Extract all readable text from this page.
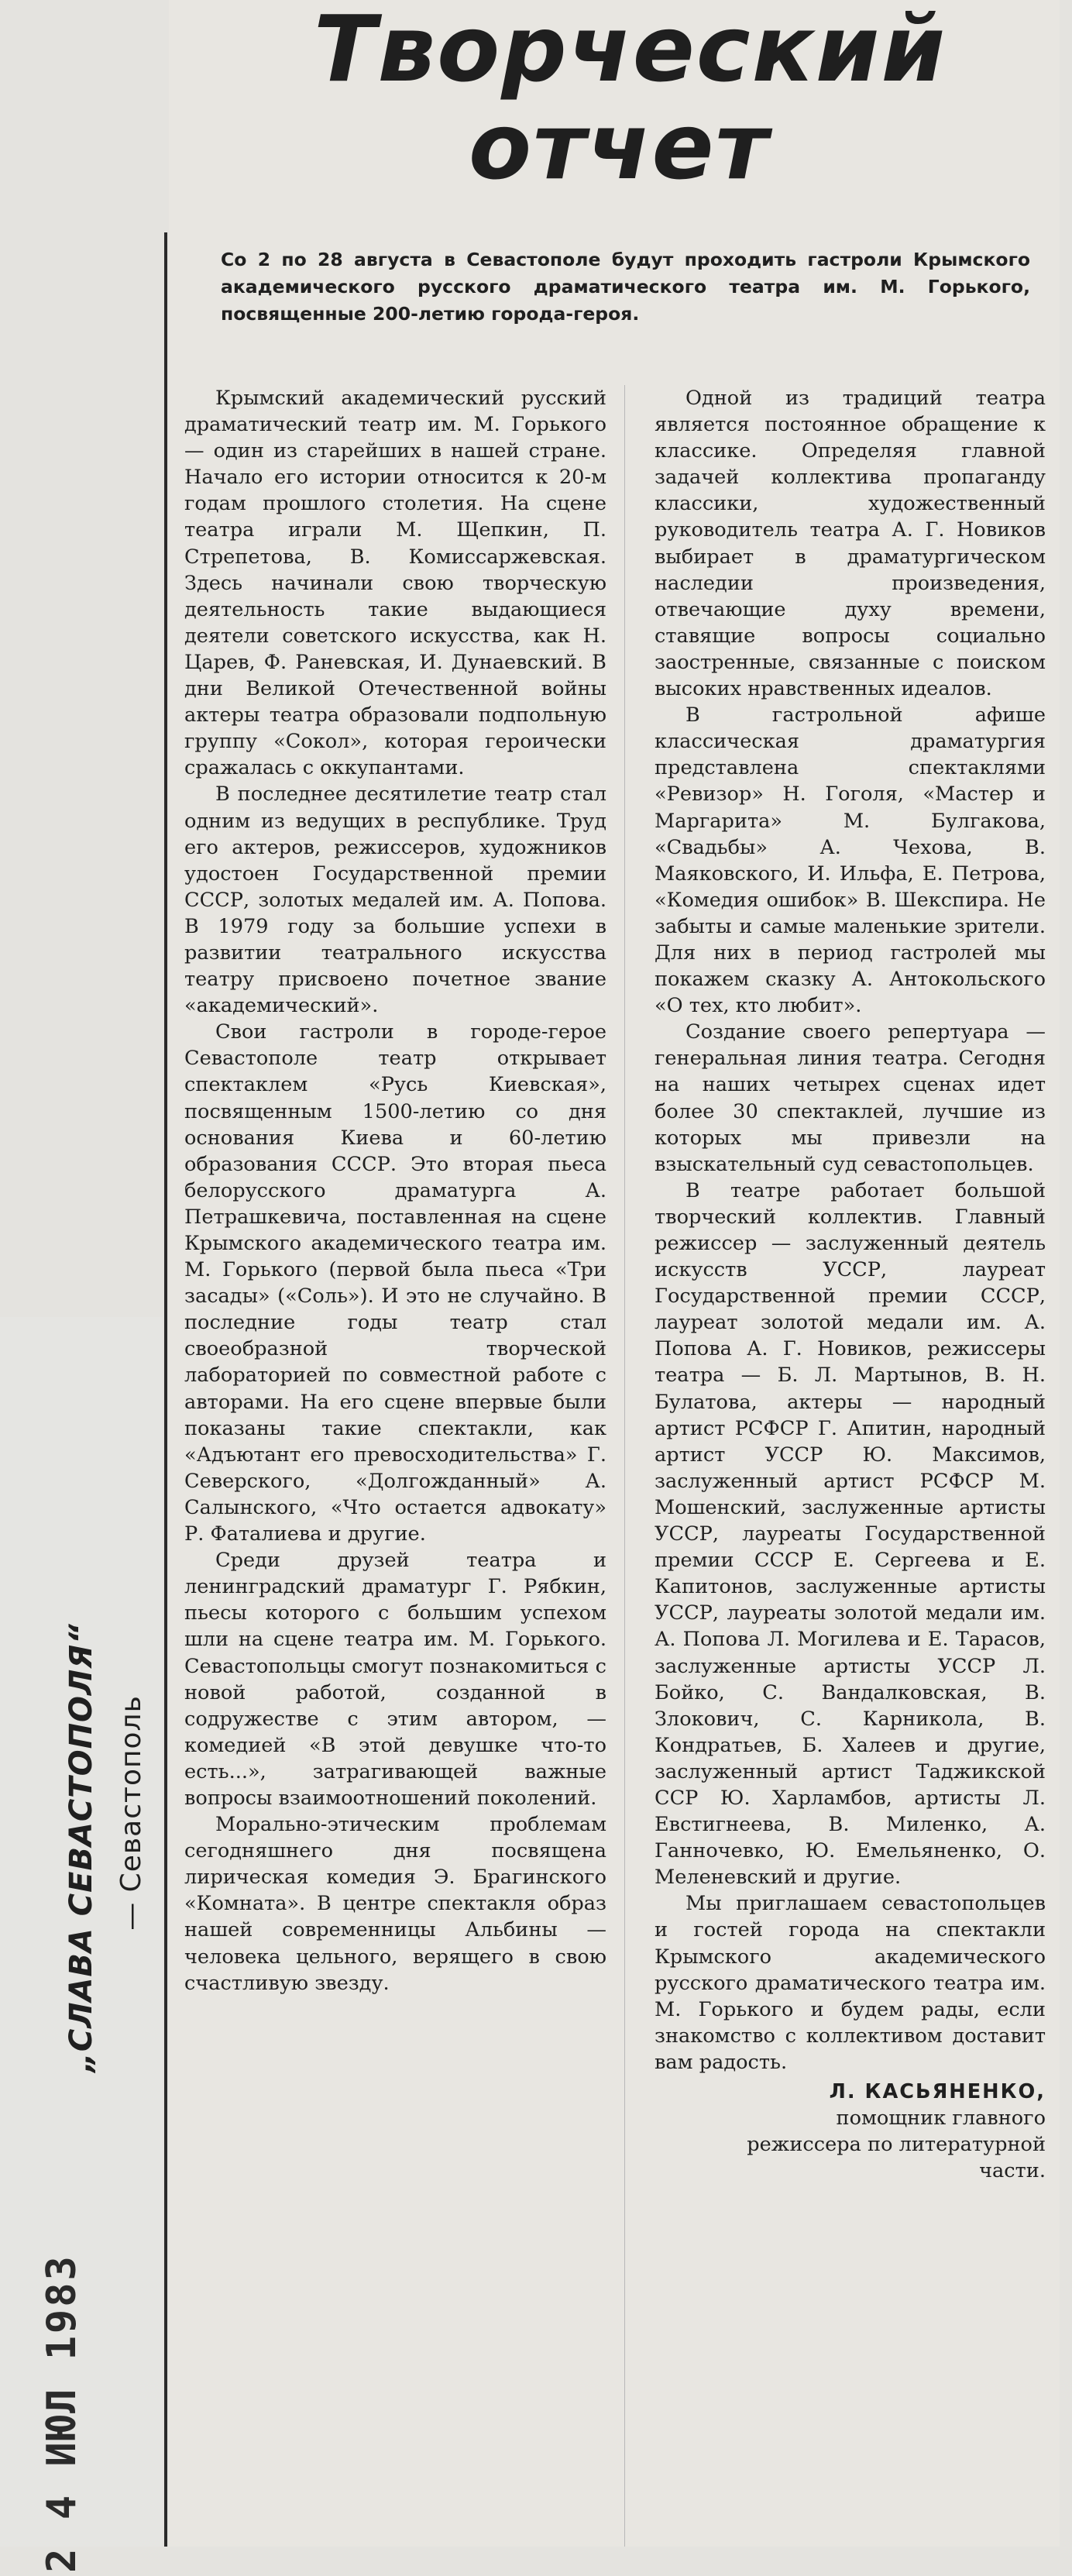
Творческий
отчет
Со 2 по 28 августа в Севастополе будут проходить гастроли Крымского академического русского драматического театра им. М. Горького, посвященные 200-летию города-героя.

Крымский академический русский драматический театр им. М. Горького — один из старейших в нашей стране. Начало его истории относится к 20-м годам прошлого столетия. На сцене театра играли М. Щепкин, П. Стрепетова, В. Комиссаржевская. Здесь начинали свою творческую деятельность такие выдающиеся деятели советского искусства, как Н. Царев, Ф. Раневская, И. Дунаевский. В дни Великой Отечественной войны актеры театра образовали подпольную группу «Сокол», которая героически сражалась с оккупантами.

В последнее десятилетие театр стал одним из ведущих в республике. Труд его актеров, режиссеров, художников удостоен Государственной премии СССР, золотых медалей им. А. Попова. В 1979 году за большие успехи в развитии театрального искусства театру присвоено почетное звание «академический».

Свои гастроли в городе-герое Севастополе театр открывает спектаклем «Русь Киевская», посвященным 1500-летию со дня основания Киева и 60-летию образования СССР. Это вторая пьеса белорусского драматурга А. Петрашкевича, поставленная на сцене Крымского академического театра им. М. Горького (первой была пьеса «Три засады» («Соль»). И это не случайно. В последние годы театр стал своеобразной творческой лабораторией по совместной работе с авторами. На его сцене впервые были показаны такие спектакли, как «Адъютант его превосходительства» Г. Северского, «Долгожданный» А. Салынского, «Что остается адвокату» Р. Фаталиева и другие.

Среди друзей театра и ленинградский драматург Г. Рябкин, пьесы которого с большим успехом шли на сцене театра им. М. Горького. Севастопольцы смогут познакомиться с новой работой, созданной в содружестве с этим автором, — комедией «В этой девушке что-то есть...», затрагивающей важные вопросы взаимоотношений поколений.

Морально-этическим проблемам сегодняшнего дня посвящена лирическая комедия Э. Брагинского «Комната». В центре спектакля образ нашей современницы Альбины — человека цельного, верящего в свою счастливую звезду.

Одной из традиций театра является постоянное обращение к классике. Определяя главной задачей коллектива пропаганду классики, художественный руководитель театра А. Г. Новиков выбирает в драматургическом наследии произведения, отвечающие духу времени, ставящие вопросы социально заостренные, связанные с поиском высоких нравственных идеалов.

В гастрольной афише классическая драматургия представлена спектаклями «Ревизор» Н. Гоголя, «Мастер и Маргарита» М. Булгакова, «Свадьбы» А. Чехова, В. Маяковского, И. Ильфа, Е. Петрова, «Комедия ошибок» В. Шекспира. Не забыты и самые маленькие зрители. Для них в период гастролей мы покажем сказку А. Антокольского «О тех, кто любит».

Создание своего репертуара — генеральная линия театра. Сегодня на наших четырех сценах идет более 30 спектаклей, лучшие из которых мы привезли на взыскательный суд севастопольцев.

В театре работает большой творческий коллектив. Главный режиссер — заслуженный деятель искусств УССР, лауреат Государственной премии СССР, лауреат золотой медали им. А. Попова А. Г. Новиков, режиссеры театра — Б. Л. Мартынов, В. Н. Булатова, актеры — народный артист РСФСР Г. Апитин, народный артист УССР Ю. Максимов, заслуженный артист РСФСР М. Мошенский, заслуженные артисты УССР, лауреаты Государственной премии СССР Е. Сергеева и Е. Капитонов, заслуженные артисты УССР, лауреаты золотой медали им. А. Попова Л. Могилева и Е. Тарасов, заслуженные артисты УССР Л. Бойко, С. Вандалковская, В. Злокович, С. Карникола, В. Кондратьев, Б. Халеев и другие, заслуженный артист Таджикской ССР Ю. Харламбов, артисты Л. Евстигнеева, В. Миленко, А. Ганночевко, Ю. Емельяненко, О. Меленевский и другие.

Мы приглашаем севастопольцев и гостей города на спектакли Крымского академического русского драматического театра им. М. Горького и будем рады, если знакомство с коллективом доставит вам радость.

Л. КАСЬЯНЕНКО,
помощник главного режиссера по литературной части.
„СЛАВА СЕВАСТОПОЛЯ“ — Севастополь
2 4 ИЮЛ 1983
